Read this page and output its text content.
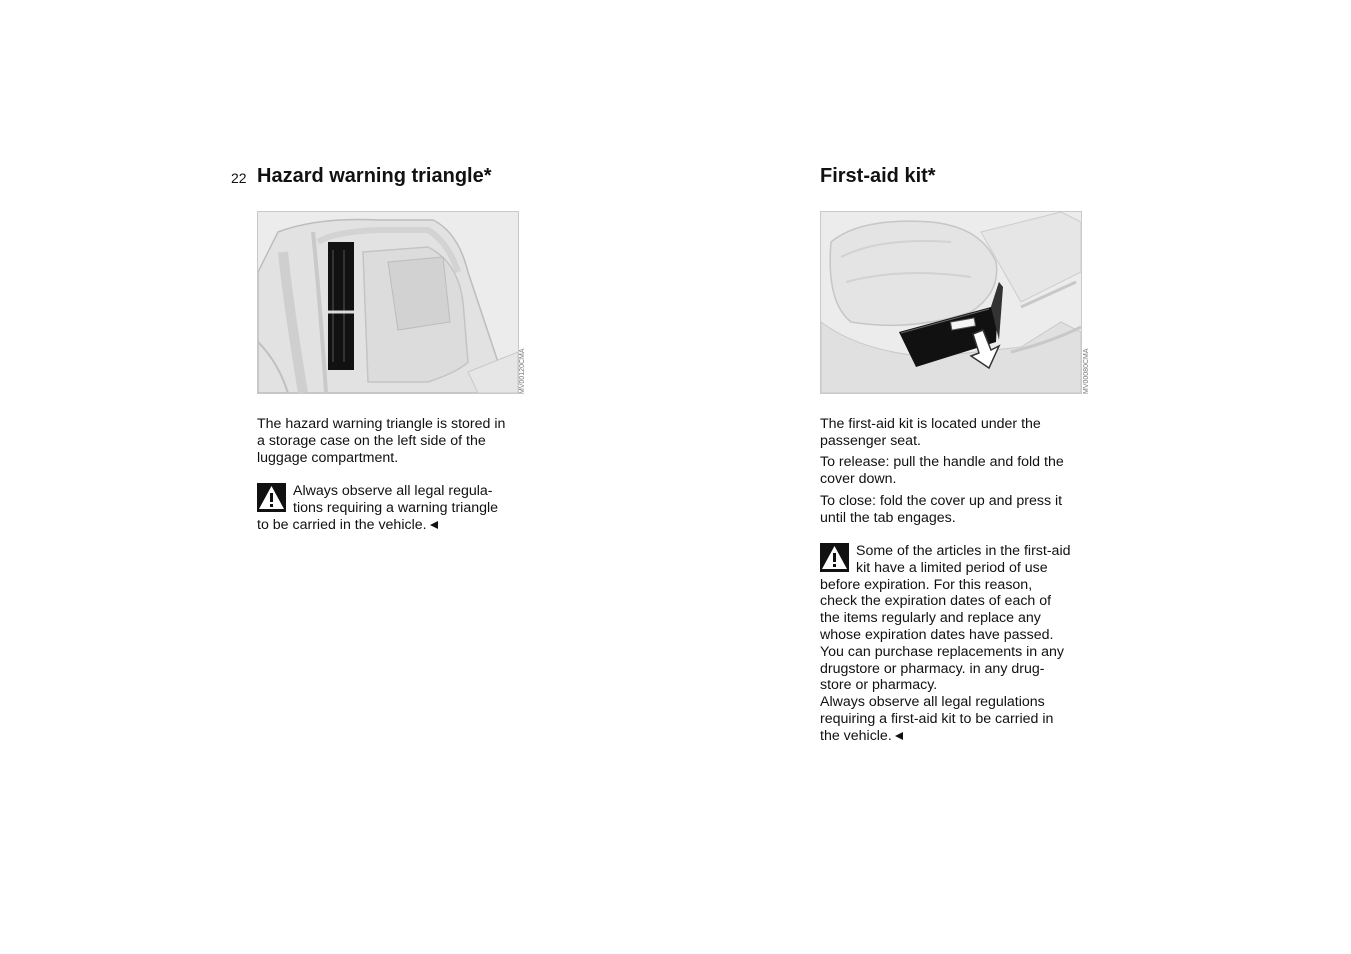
22 Hazard warning triangle*
MV00120CMA

The hazard warning triangle is stored in
a storage case on the left side of the
luggage compartment.

Always observe all legal regula-
tions requiring a warning triangle
to be carried in the vehicle.
First-aid kit*
MV00080CMA

The first-aid kit is located under the
passenger seat.

To release: pull the handle and fold the
cover down.

To close: fold the cover up and press it
until the tab engages.

Some of the articles in the first-aid
kit have a limited period of use
before expiration. For this reason,
check the expiration dates of each of
the items regularly and replace any
whose expiration dates have passed.
You can purchase replacements in any
drugstore or pharmacy. in any drug-
store or pharmacy.
Always observe all legal regulations
requiring a first-aid kit to be carried in
the vehicle.
